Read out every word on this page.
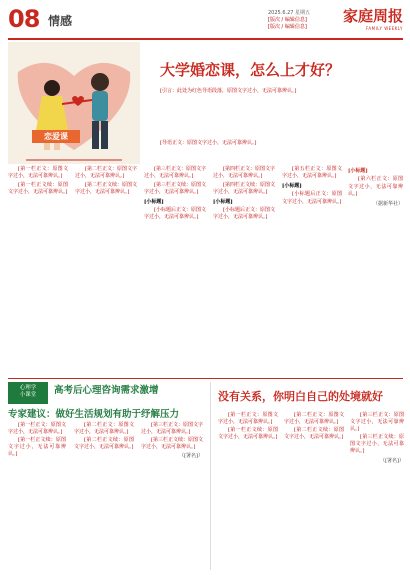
08 情感
2025.6.27 星期五
[版次 / 编辑信息]
[版次 / 编辑信息]
家庭周报
FAMILY WEEKLY
恋爱课
大学婚恋课，怎么上才好？
[引言：此处为红色导语段落，原图文字过小，无法可靠辨认。]
[导语正文：原图文字过小，无法可靠辨认。]

[第一栏正文：原图文字过小，无法可靠辨认。]

[第一栏正文续：原图文字过小，无法可靠辨认。]

[第二栏正文：原图文字过小，无法可靠辨认。]

[第二栏正文续：原图文字过小，无法可靠辨认。]

[第三栏正文：原图文字过小，无法可靠辨认。]

[第三栏正文续：原图文字过小，无法可靠辨认。]

[小标题]

[小标题后正文：原图文字过小，无法可靠辨认。]

[第四栏正文：原图文字过小，无法可靠辨认。]

[第四栏正文续：原图文字过小，无法可靠辨认。]

[小标题]

[小标题后正文：原图文字过小，无法可靠辨认。]

[第五栏正文：原图文字过小，无法可靠辨认。]

[小标题]

[小标题后正文：原图文字过小，无法可靠辨认。]

[小标题]

[第六栏正文：原图文字过小，无法可靠辨认。]

（据新华社）
心理学
小课堂	高考后心理咨询需求激增
专家建议：做好生活规划有助于纾解压力

[第一栏正文：原图文字过小，无法可靠辨认。]

[第一栏正文续：原图文字过小，无法可靠辨认。]

[第二栏正文：原图文字过小，无法可靠辨认。]

[第二栏正文续：原图文字过小，无法可靠辨认。]

[第三栏正文：原图文字过小，无法可靠辨认。]

[第三栏正文续：原图文字过小，无法可靠辨认。]

（[署名]）
没有关系，你明白自己的处境就好

[第一栏正文：原图文字过小，无法可靠辨认。]

[第一栏正文续：原图文字过小，无法可靠辨认。]

[第二栏正文：原图文字过小，无法可靠辨认。]

[第二栏正文续：原图文字过小，无法可靠辨认。]

[第三栏正文：原图文字过小，无法可靠辨认。]

[第三栏正文续：原图文字过小，无法可靠辨认。]

（[署名]）
